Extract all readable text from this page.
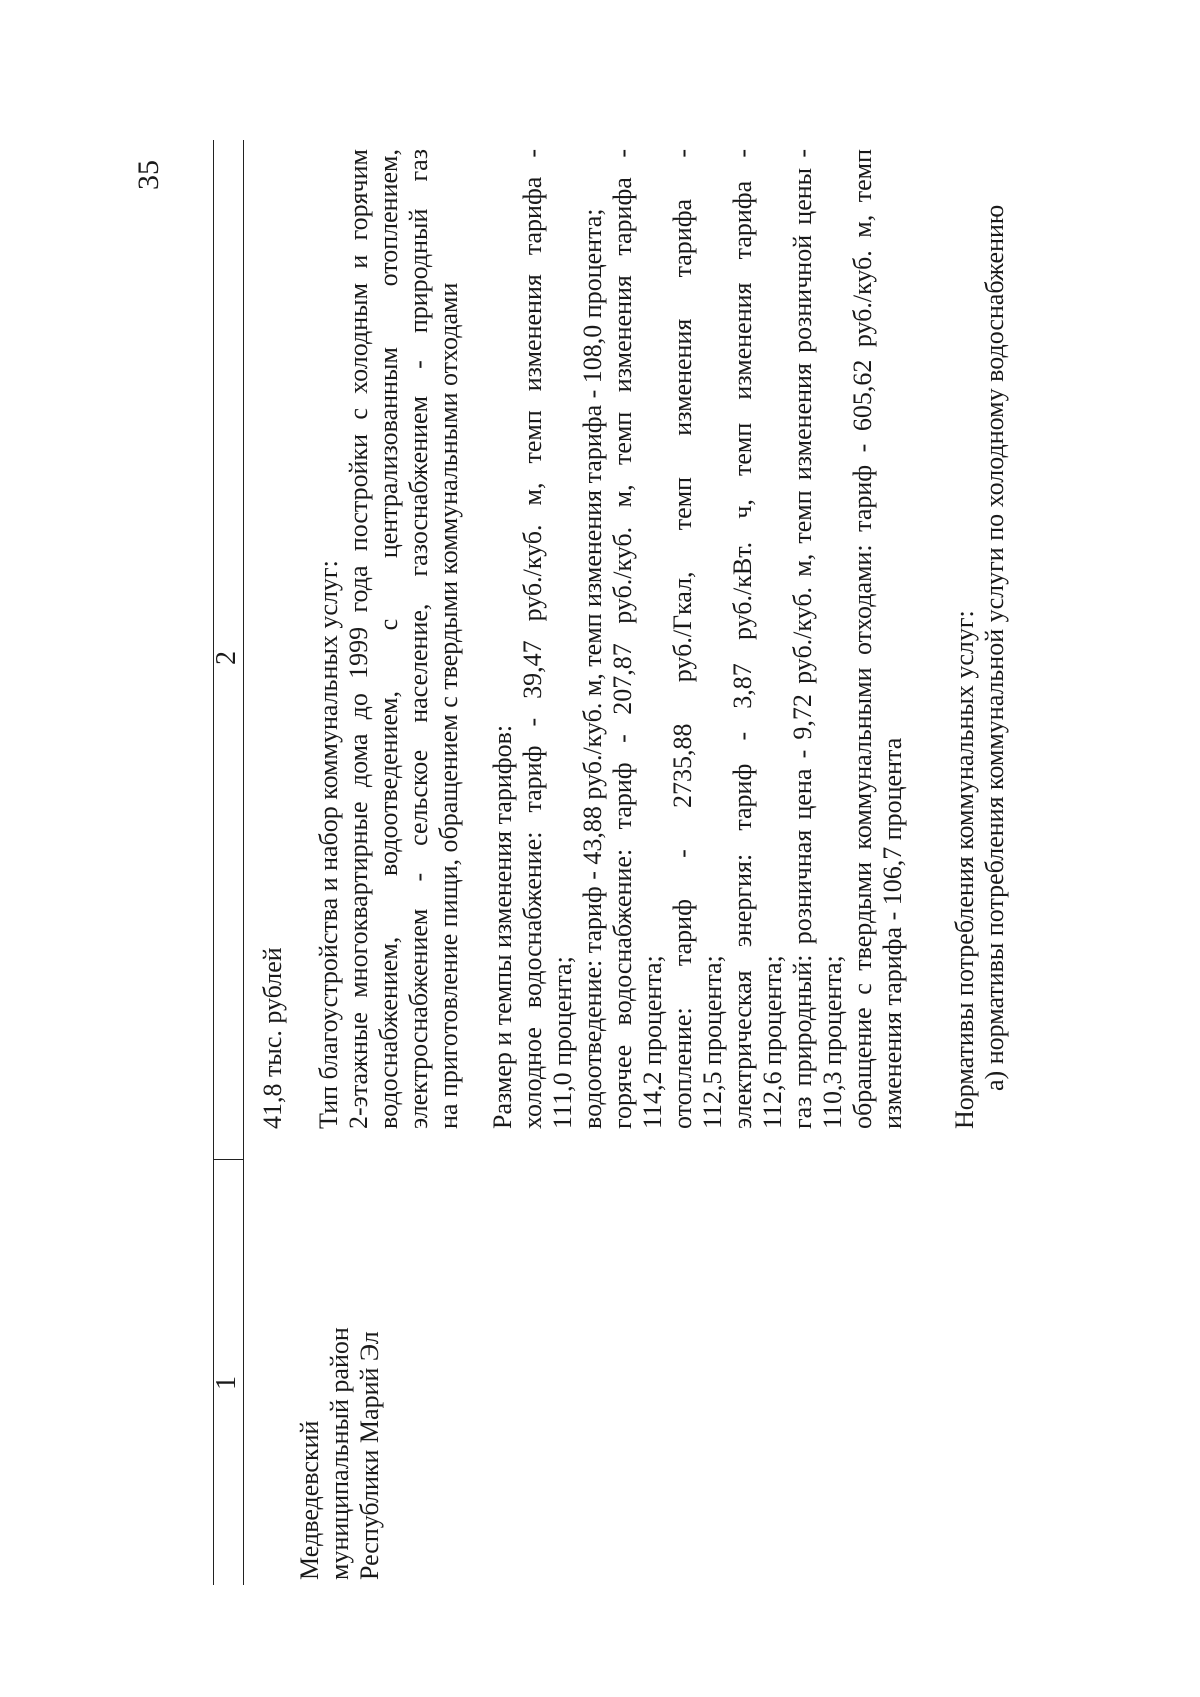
35
1
2
Медведевский муниципальный район Республики Марий Эл

41,8 тыс. рублей Тип благоустройства и набор коммунальных услуг: 2-этажные многоквартирные дома до 1999 года постройки с холодным и горячим водоснабжением, водоотведением, с централизованным отоплением, электроснабжением - сельское население, газоснабжением - природный газ на приготовление пищи, обращением с твердыми коммунальными отходами Размер и темпы изменения тарифов: холодное водоснабжение: тариф - 39,47 руб./куб. м, темп изменения тарифа - 111,0 процента; водоотведение: тариф - 43,88 руб./куб. м, темп изменения тарифа - 108,0 процента; горячее водоснабжение: тариф - 207,87 руб./куб. м, темп изменения тарифа - 114,2 процента; отопление: тариф - 2735,88 руб./Гкал, темп изменения тарифа - 112,5 процента; электрическая энергия: тариф - 3,87 руб./кВт. ч, темп изменения тарифа - 112,6 процента; газ природный: розничная цена - 9,72 руб./куб. м, темп изменения розничной цены - 110,3 процента; обращение с твердыми коммунальными отходами: тариф - 605,62 руб./куб. м, темп изменения тарифа - 106,7 процента Нормативы потребления коммунальных услуг: а) нормативы потребления коммунальной услуги по холодному водоснабжению
